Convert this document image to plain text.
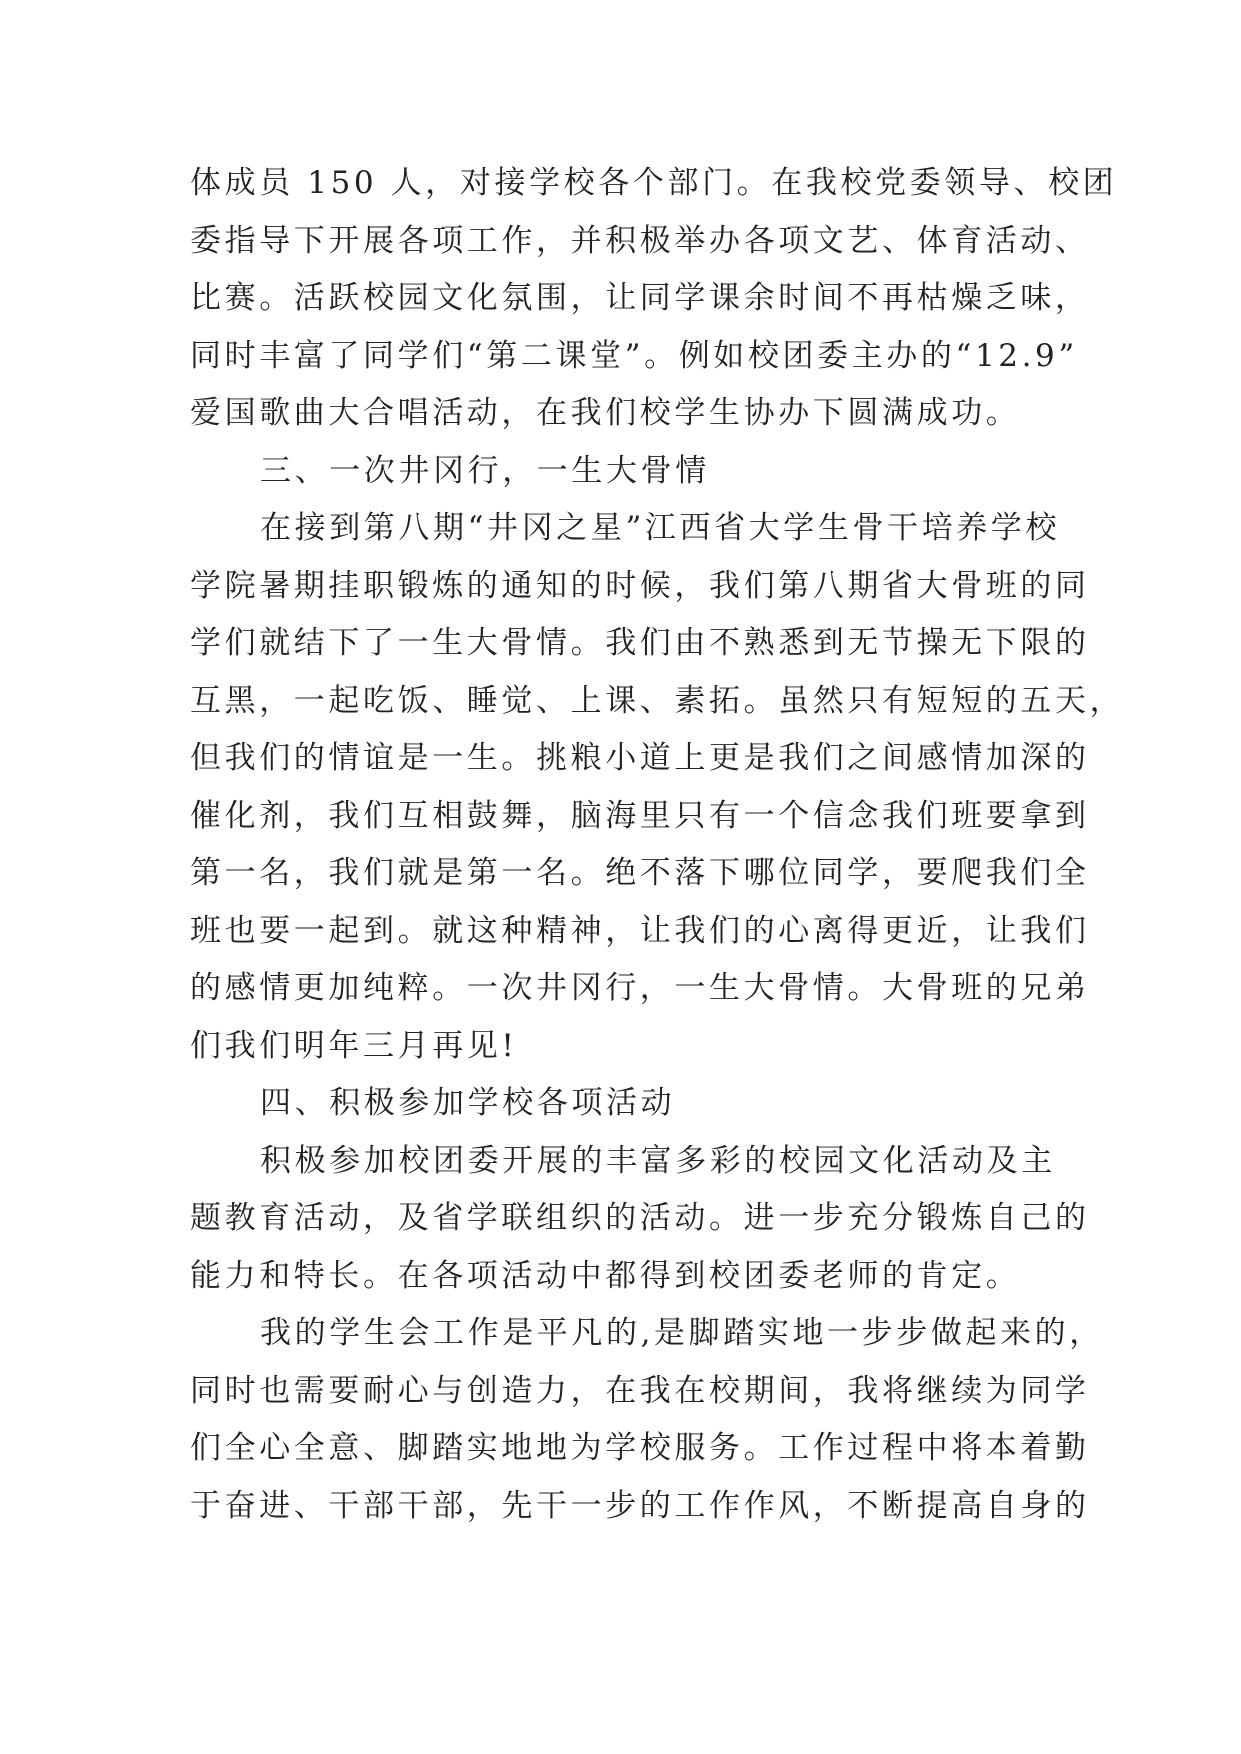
体成员 150 人，对接学校各个部门。在我校党委领导、校团
委指导下开展各项工作，并积极举办各项文艺、体育活动、
比赛。活跃校园文化氛围，让同学课余时间不再枯燥乏味，
同时丰富了同学们“第二课堂”。例如校团委主办的“12.9”
爱国歌曲大合唱活动，在我们校学生协办下圆满成功。
三、一次井冈行，一生大骨情
在接到第八期“井冈之星”江西省大学生骨干培养学校
学院暑期挂职锻炼的通知的时候，我们第八期省大骨班的同
学们就结下了一生大骨情。我们由不熟悉到无节操无下限的
互黑，一起吃饭、睡觉、上课、素拓。虽然只有短短的五天，
但我们的情谊是一生。挑粮小道上更是我们之间感情加深的
催化剂，我们互相鼓舞，脑海里只有一个信念我们班要拿到
第一名，我们就是第一名。绝不落下哪位同学，要爬我们全
班也要一起到。就这种精神，让我们的心离得更近，让我们
的感情更加纯粹。一次井冈行，一生大骨情。大骨班的兄弟
们我们明年三月再见!
四、积极参加学校各项活动
积极参加校团委开展的丰富多彩的校园文化活动及主
题教育活动，及省学联组织的活动。进一步充分锻炼自己的
能力和特长。在各项活动中都得到校团委老师的肯定。
我的学生会工作是平凡的,是脚踏实地一步步做起来的，
同时也需要耐心与创造力，在我在校期间，我将继续为同学
们全心全意、脚踏实地地为学校服务。工作过程中将本着勤
于奋进、干部干部，先干一步的工作作风，不断提高自身的
